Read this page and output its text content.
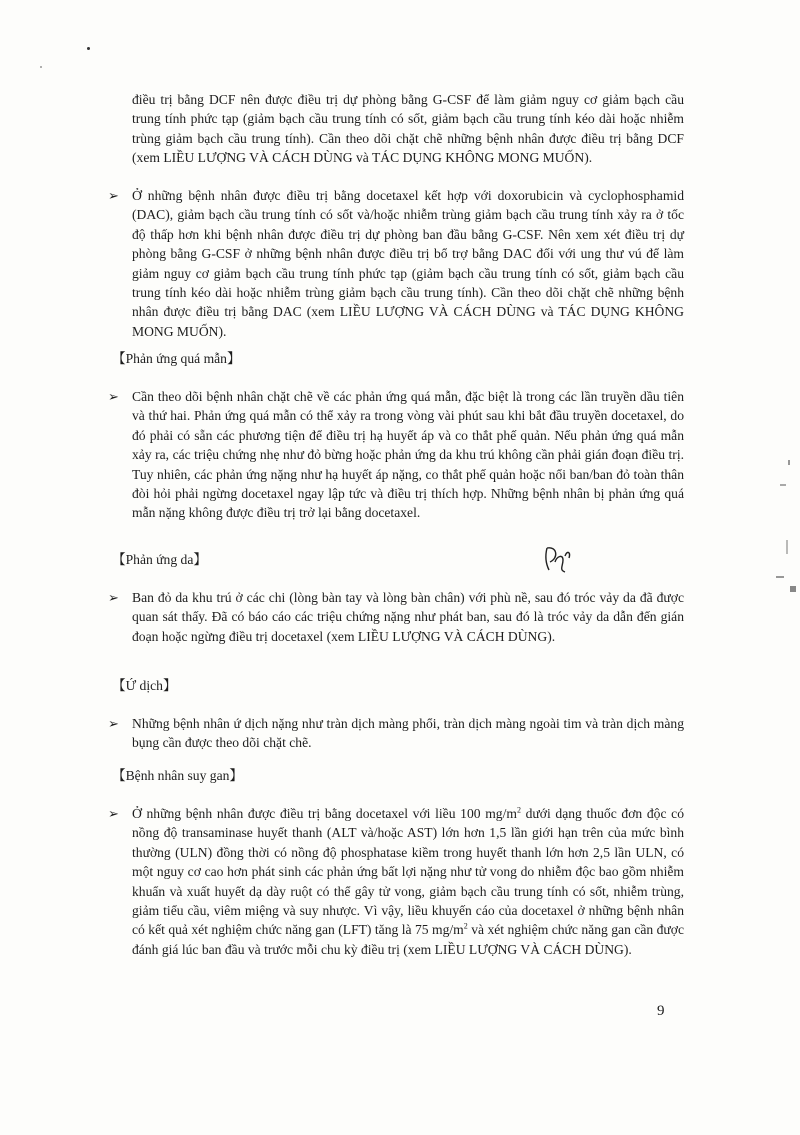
điều trị bằng DCF nên được điều trị dự phòng bằng G-CSF để làm giảm nguy cơ giảm bạch cầu trung tính phức tạp (giảm bạch cầu trung tính có sốt, giảm bạch cầu trung tính kéo dài hoặc nhiễm trùng giảm bạch cầu trung tính). Cần theo dõi chặt chẽ những bệnh nhân được điều trị bằng DCF (xem LIỀU LƯỢNG VÀ CÁCH DÙNG và TÁC DỤNG KHÔNG MONG MUỐN).

➢ Ở những bệnh nhân được điều trị bằng docetaxel kết hợp với doxorubicin và cyclophosphamid (DAC), giảm bạch cầu trung tính có sốt và/hoặc nhiễm trùng giảm bạch cầu trung tính xảy ra ở tốc độ thấp hơn khi bệnh nhân được điều trị dự phòng ban đầu bằng G-CSF. Nên xem xét điều trị dự phòng bằng G-CSF ở những bệnh nhân được điều trị bổ trợ bằng DAC đối với ung thư vú để làm giảm nguy cơ giảm bạch cầu trung tính phức tạp (giảm bạch cầu trung tính có sốt, giảm bạch cầu trung tính kéo dài hoặc nhiễm trùng giảm bạch cầu trung tính). Cần theo dõi chặt chẽ những bệnh nhân được điều trị bằng DAC (xem LIỀU LƯỢNG VÀ CÁCH DÙNG và TÁC DỤNG KHÔNG MONG MUỐN).

【Phản ứng quá mẫn】

➢ Cần theo dõi bệnh nhân chặt chẽ về các phản ứng quá mẫn, đặc biệt là trong các lần truyền dầu tiên và thứ hai. Phản ứng quá mẫn có thể xảy ra trong vòng vài phút sau khi bắt đầu truyền docetaxel, do đó phải có sẵn các phương tiện để điều trị hạ huyết áp và co thắt phế quản. Nếu phản ứng quá mẫn xảy ra, các triệu chứng nhẹ như đỏ bừng hoặc phản ứng da khu trú không cần phải gián đoạn điều trị. Tuy nhiên, các phản ứng nặng như hạ huyết áp nặng, co thắt phế quản hoặc nổi ban/ban đỏ toàn thân đòi hỏi phải ngừng docetaxel ngay lập tức và điều trị thích hợp. Những bệnh nhân bị phản ứng quá mẫn nặng không được điều trị trở lại bằng docetaxel.

【Phản ứng da】

➢ Ban đỏ da khu trú ở các chi (lòng bàn tay và lòng bàn chân) với phù nề, sau đó tróc vảy da đã được quan sát thấy. Đã có báo cáo các triệu chứng nặng như phát ban, sau đó là tróc vảy da dẫn đến gián đoạn hoặc ngừng điều trị docetaxel (xem LIỀU LƯỢNG VÀ CÁCH DÙNG).

【Ứ dịch】

➢ Những bệnh nhân ứ dịch nặng như tràn dịch màng phổi, tràn dịch màng ngoài tim và tràn dịch màng bụng cần được theo dõi chặt chẽ.

【Bệnh nhân suy gan】

➢ Ở những bệnh nhân được điều trị bằng docetaxel với liều 100 $mg/m^2$ dưới dạng thuốc đơn độc có nồng độ transaminase huyết thanh (ALT và/hoặc AST) lớn hơn 1,5 lần giới hạn trên của mức bình thường (ULN) đồng thời có nồng độ phosphatase kiềm trong huyết thanh lớn hơn 2,5 lần ULN, có một nguy cơ cao hơn phát sinh các phản ứng bất lợi nặng như tử vong do nhiễm độc bao gồm nhiễm khuẩn và xuất huyết dạ dày ruột có thể gây tử vong, giảm bạch cầu trung tính có sốt, nhiễm trùng, giảm tiểu cầu, viêm miệng và suy nhược. Vì vậy, liều khuyến cáo của docetaxel ở những bệnh nhân có kết quả xét nghiệm chức năng gan (LFT) tăng là 75 $mg/m^2$ và xét nghiệm chức năng gan cần được đánh giá lúc ban đầu và trước mỗi chu kỳ điều trị (xem LIỀU LƯỢNG VÀ CÁCH DÙNG).

9
